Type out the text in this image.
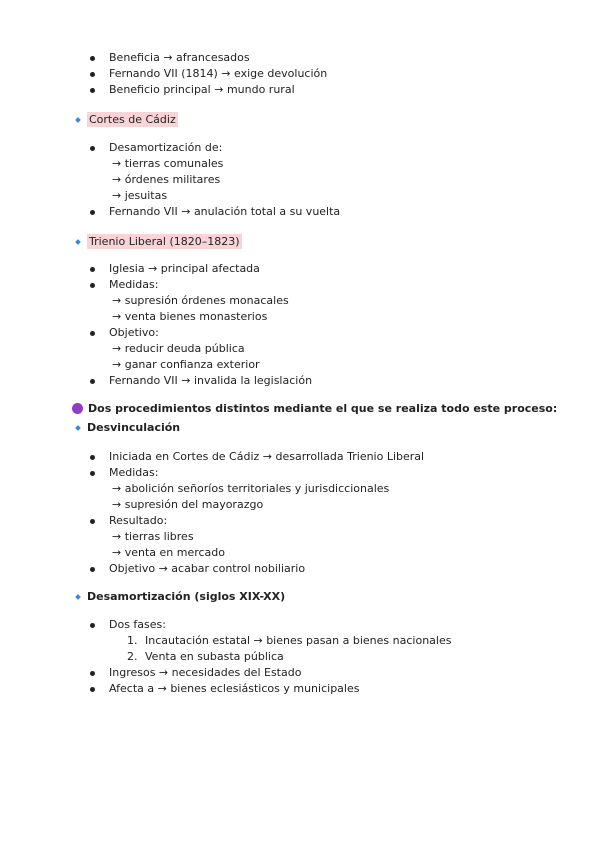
Beneficia → afrancesados
Fernando VII (1814) → exige devolución
Beneficio principal → mundo rural
Cortes de Cádiz
Desamortización de:
→ tierras comunales
→ órdenes militares
→ jesuitas
Fernando VII → anulación total a su vuelta
Trienio Liberal (1820–1823)
Iglesia → principal afectada
Medidas:
→ supresión órdenes monacales
→ venta bienes monasterios
Objetivo:
→ reducir deuda pública
→ ganar confianza exterior
Fernando VII → invalida la legislación
Dos procedimientos distintos mediante el que se realiza todo este proceso:
Desvinculación
Iniciada en Cortes de Cádiz → desarrollada Trienio Liberal
Medidas:
→ abolición señoríos territoriales y jurisdiccionales
→ supresión del mayorazgo
Resultado:
→ tierras libres
→ venta en mercado
Objetivo → acabar control nobiliario
Desamortización (siglos XIX-XX)
Dos fases:
1. Incautación estatal → bienes pasan a bienes nacionales
2. Venta en subasta pública
Ingresos → necesidades del Estado
Afecta a → bienes eclesiásticos y municipales
